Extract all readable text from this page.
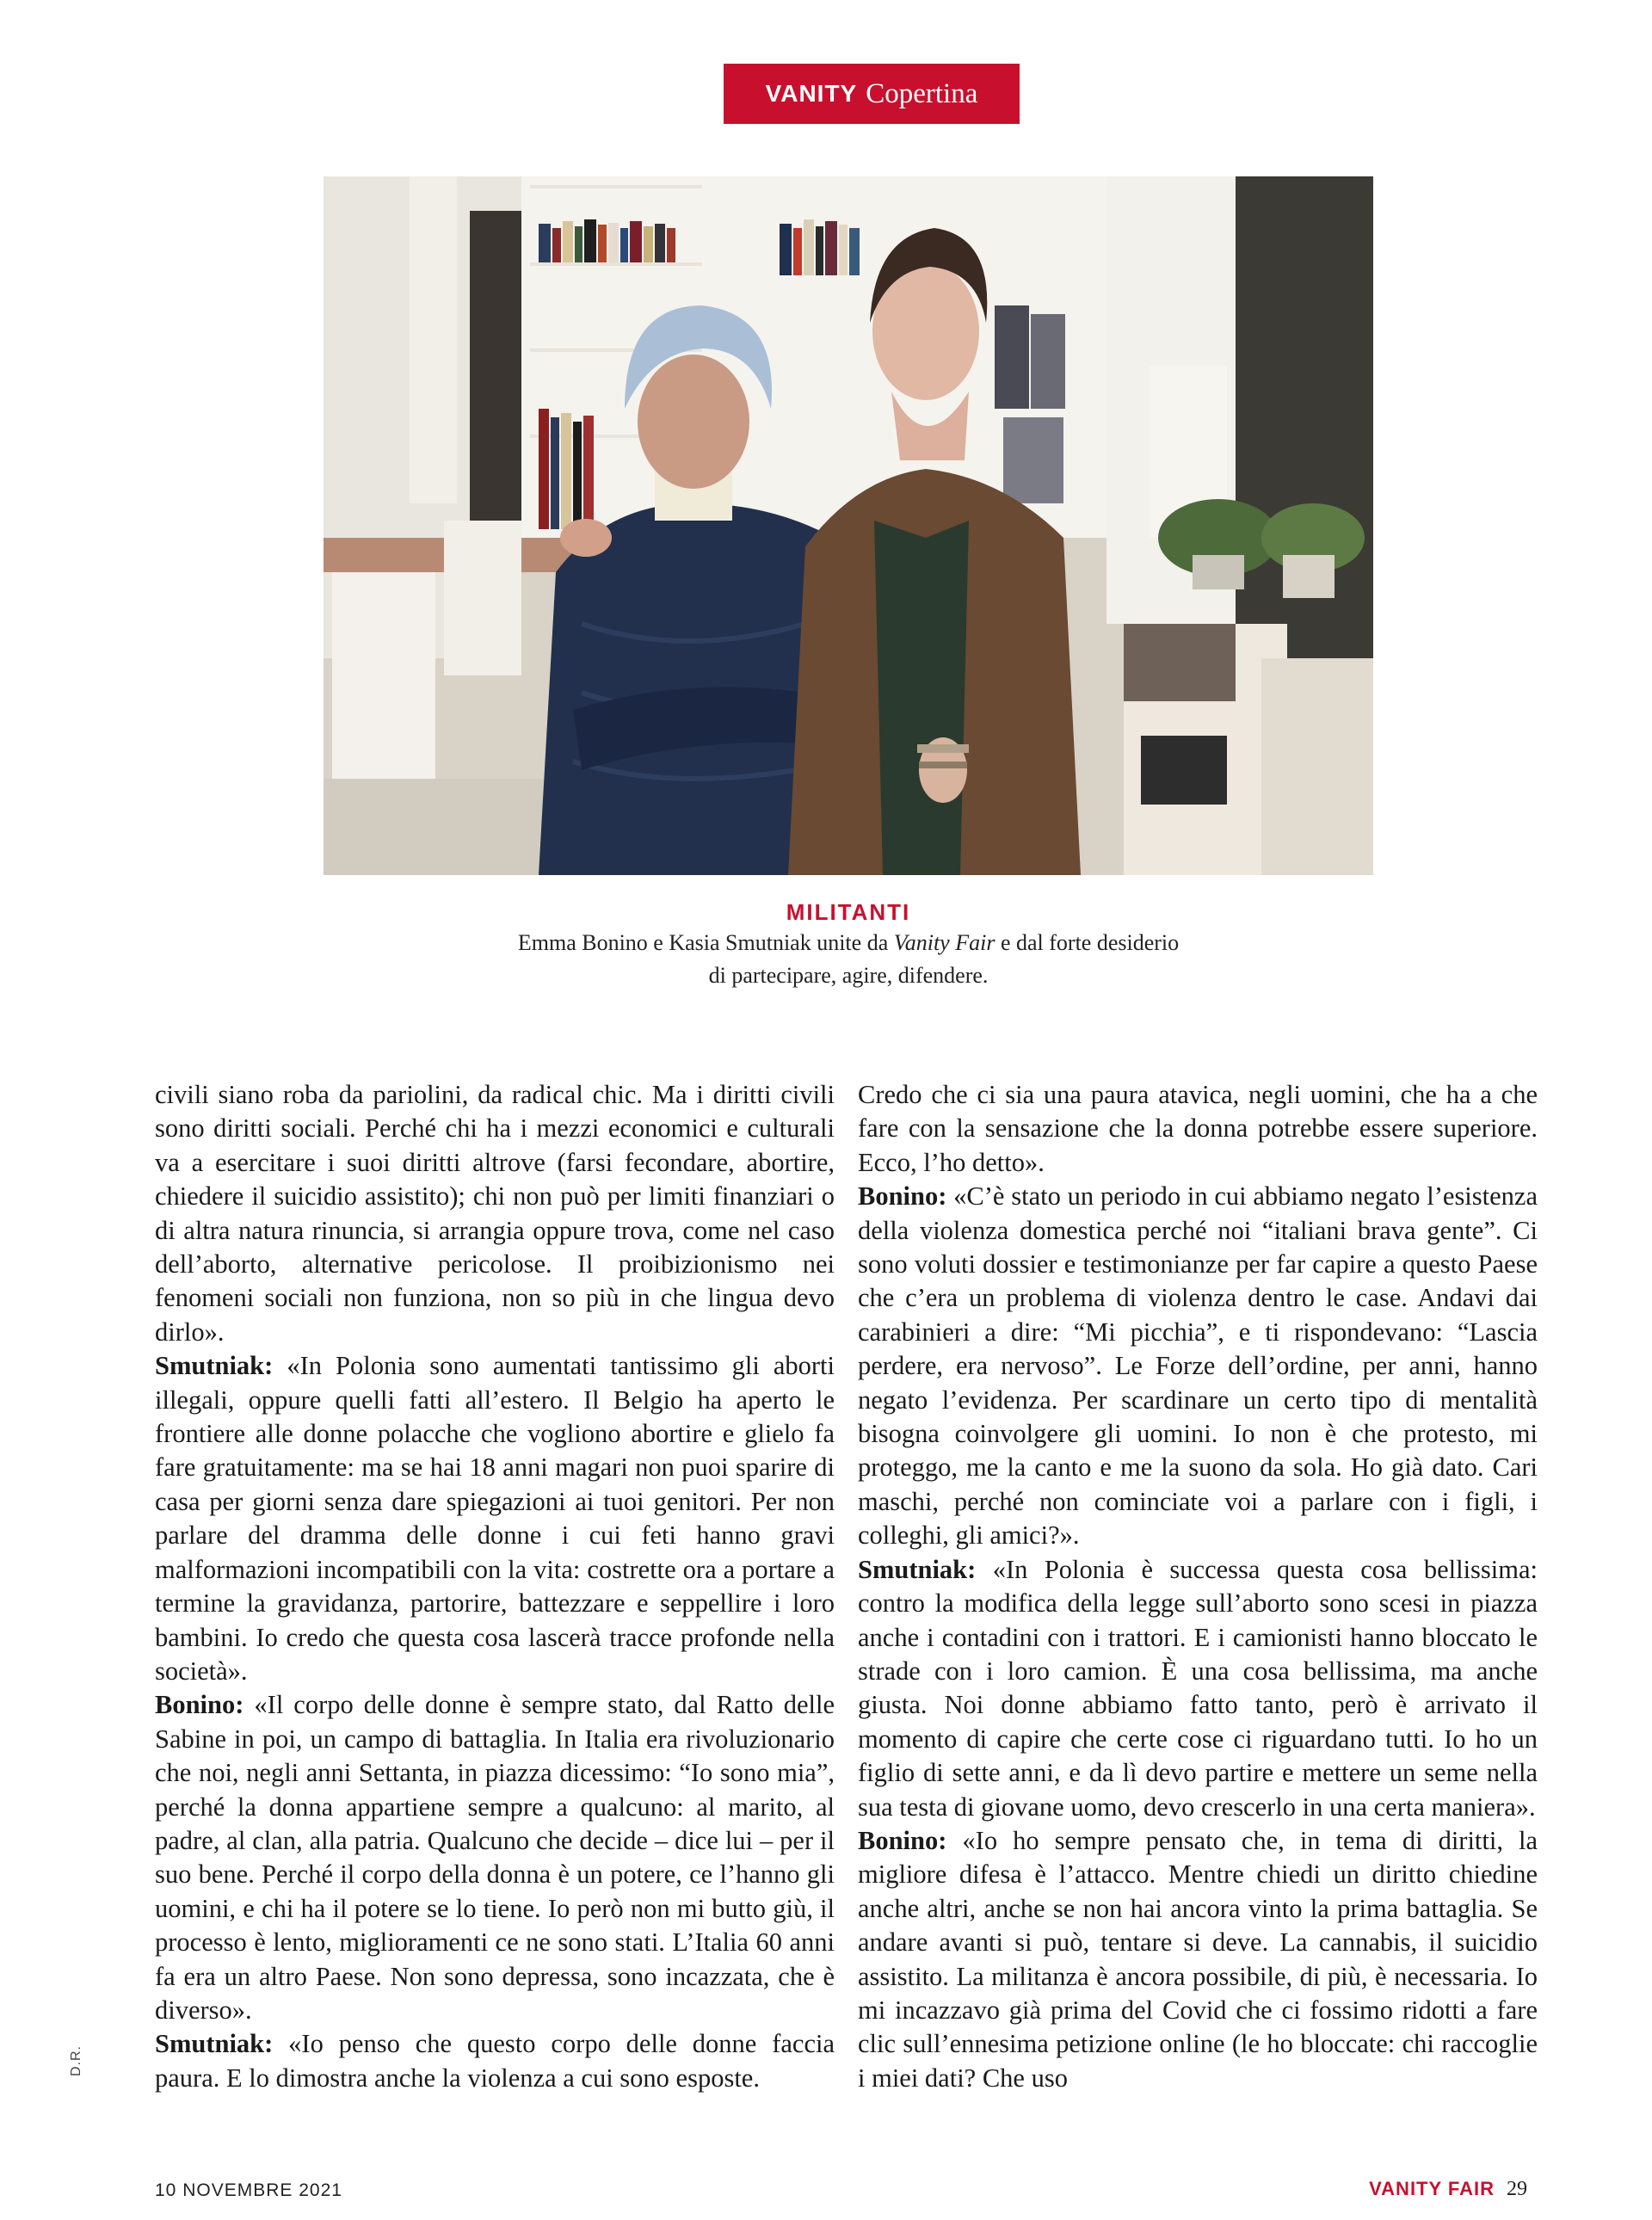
VANITY Copertina
MILITANTI
Emma Bonino e Kasia Smutniak unite da Vanity Fair e dal forte desiderio
di partecipare, agire, difendere.

civili siano roba da pariolini, da radical chic. Ma i diritti civili sono diritti sociali. Perché chi ha i mezzi economici e culturali va a esercitare i suoi diritti altrove (farsi fecondare, abortire, chiedere il suicidio assistito); chi non può per limiti finanziari o di altra natura rinuncia, si arrangia oppure trova, come nel caso dell’aborto, alternative pericolose. Il proibizionismo nei fenomeni sociali non funziona, non so più in che lingua devo dirlo».

Smutniak: «In Polonia sono aumentati tantissimo gli aborti illegali, oppure quelli fatti all’estero. Il Belgio ha aperto le frontiere alle donne polacche che vogliono abortire e glielo fa fare gratuitamente: ma se hai 18 anni magari non puoi sparire di casa per giorni senza dare spiegazioni ai tuoi genitori. Per non parlare del dramma delle donne i cui feti hanno gravi malformazioni incompatibili con la vita: costrette ora a portare a termine la gravidanza, partorire, battezzare e seppellire i loro bambini. Io credo che questa cosa lascerà tracce profonde nella società».

Bonino: «Il corpo delle donne è sempre stato, dal Ratto delle Sabine in poi, un campo di battaglia. In Italia era rivoluzionario che noi, negli anni Settanta, in piazza dicessimo: “Io sono mia”, perché la donna appartiene sempre a qualcuno: al marito, al padre, al clan, alla patria. Qualcuno che decide – dice lui – per il suo bene. Perché il corpo della donna è un potere, ce l’hanno gli uomini, e chi ha il potere se lo tiene. Io però non mi butto giù, il processo è lento, miglioramenti ce ne sono stati. L’Italia 60 anni fa era un altro Paese. Non sono depressa, sono incazzata, che è diverso».

Smutniak: «Io penso che questo corpo delle donne faccia paura. E lo dimostra anche la violenza a cui sono esposte.

Credo che ci sia una paura atavica, negli uomini, che ha a che fare con la sensazione che la donna potrebbe essere superiore. Ecco, l’ho detto».

Bonino: «C’è stato un periodo in cui abbiamo negato l’esistenza della violenza domestica perché noi “italiani brava gente”. Ci sono voluti dossier e testimonianze per far capire a questo Paese che c’era un problema di violenza dentro le case. Andavi dai carabinieri a dire: “Mi picchia”, e ti rispondevano: “Lascia perdere, era nervoso”. Le Forze dell’ordine, per anni, hanno negato l’evidenza. Per scardinare un certo tipo di mentalità bisogna coinvolgere gli uomini. Io non è che protesto, mi proteggo, me la canto e me la suono da sola. Ho già dato. Cari maschi, perché non cominciate voi a parlare con i figli, i colleghi, gli amici?».

Smutniak: «In Polonia è successa questa cosa bellissima: contro la modifica della legge sull’aborto sono scesi in piazza anche i contadini con i trattori. E i camionisti hanno bloccato le strade con i loro camion. È una cosa bellissima, ma anche giusta. Noi donne abbiamo fatto tanto, però è arrivato il momento di capire che certe cose ci riguardano tutti. Io ho un figlio di sette anni, e da lì devo partire e mettere un seme nella sua testa di giovane uomo, devo crescerlo in una certa maniera».

Bonino: «Io ho sempre pensato che, in tema di diritti, la migliore difesa è l’attacco. Mentre chiedi un diritto chiedine anche altri, anche se non hai ancora vinto la prima battaglia. Se andare avanti si può, tentare si deve. La cannabis, il suicidio assistito. La militanza è ancora possibile, di più, è necessaria. Io mi incazzavo già prima del Covid che ci fossimo ridotti a fare clic sull’ennesima petizione online (le ho bloccate: chi raccoglie i miei dati? Che uso

D.R.
10 NOVEMBRE 2021	VANITY FAIR 29
